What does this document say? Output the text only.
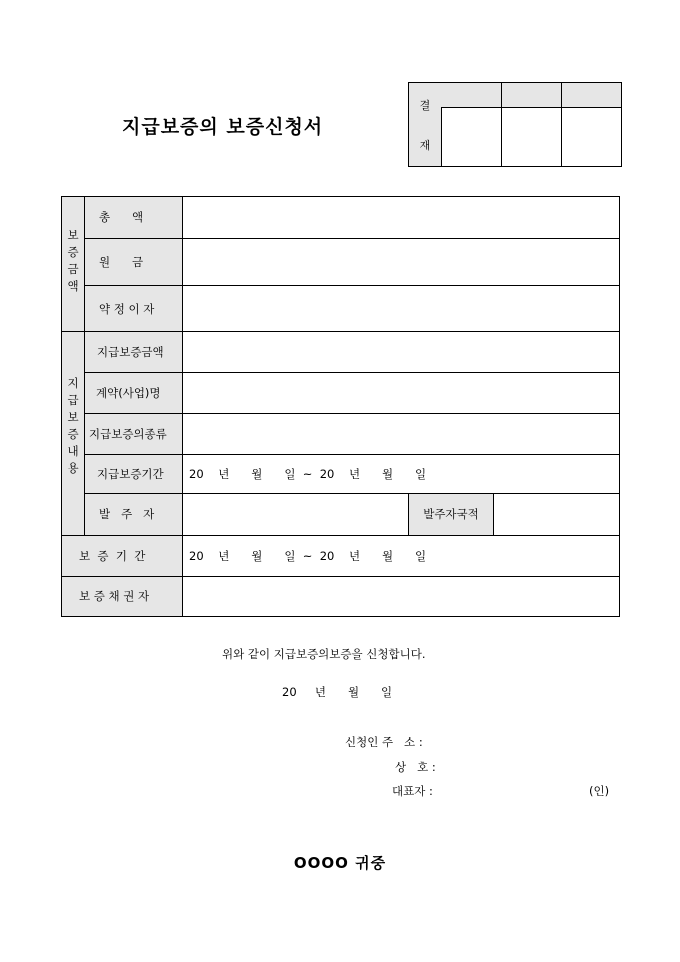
지급보증의 보증신청서
결
재
보
증
금
액
지
급
보
증
내
용
총      액
원      금
약 정 이 자
지급보증금액
계약(사업)명
지급보증의종류
지급보증기간
발   주   자	발주자국적
보  증  기  간
보 증 채 권 자
20    년      월      일  ~  20    년      월      일
20    년      월      일  ~  20    년      월      일
위와 같이 지급보증의보증을 신청합니다.
20     년      월      일
신청인 주   소 :
상   호 :
대표자 :	(인)
OOOO 귀중
